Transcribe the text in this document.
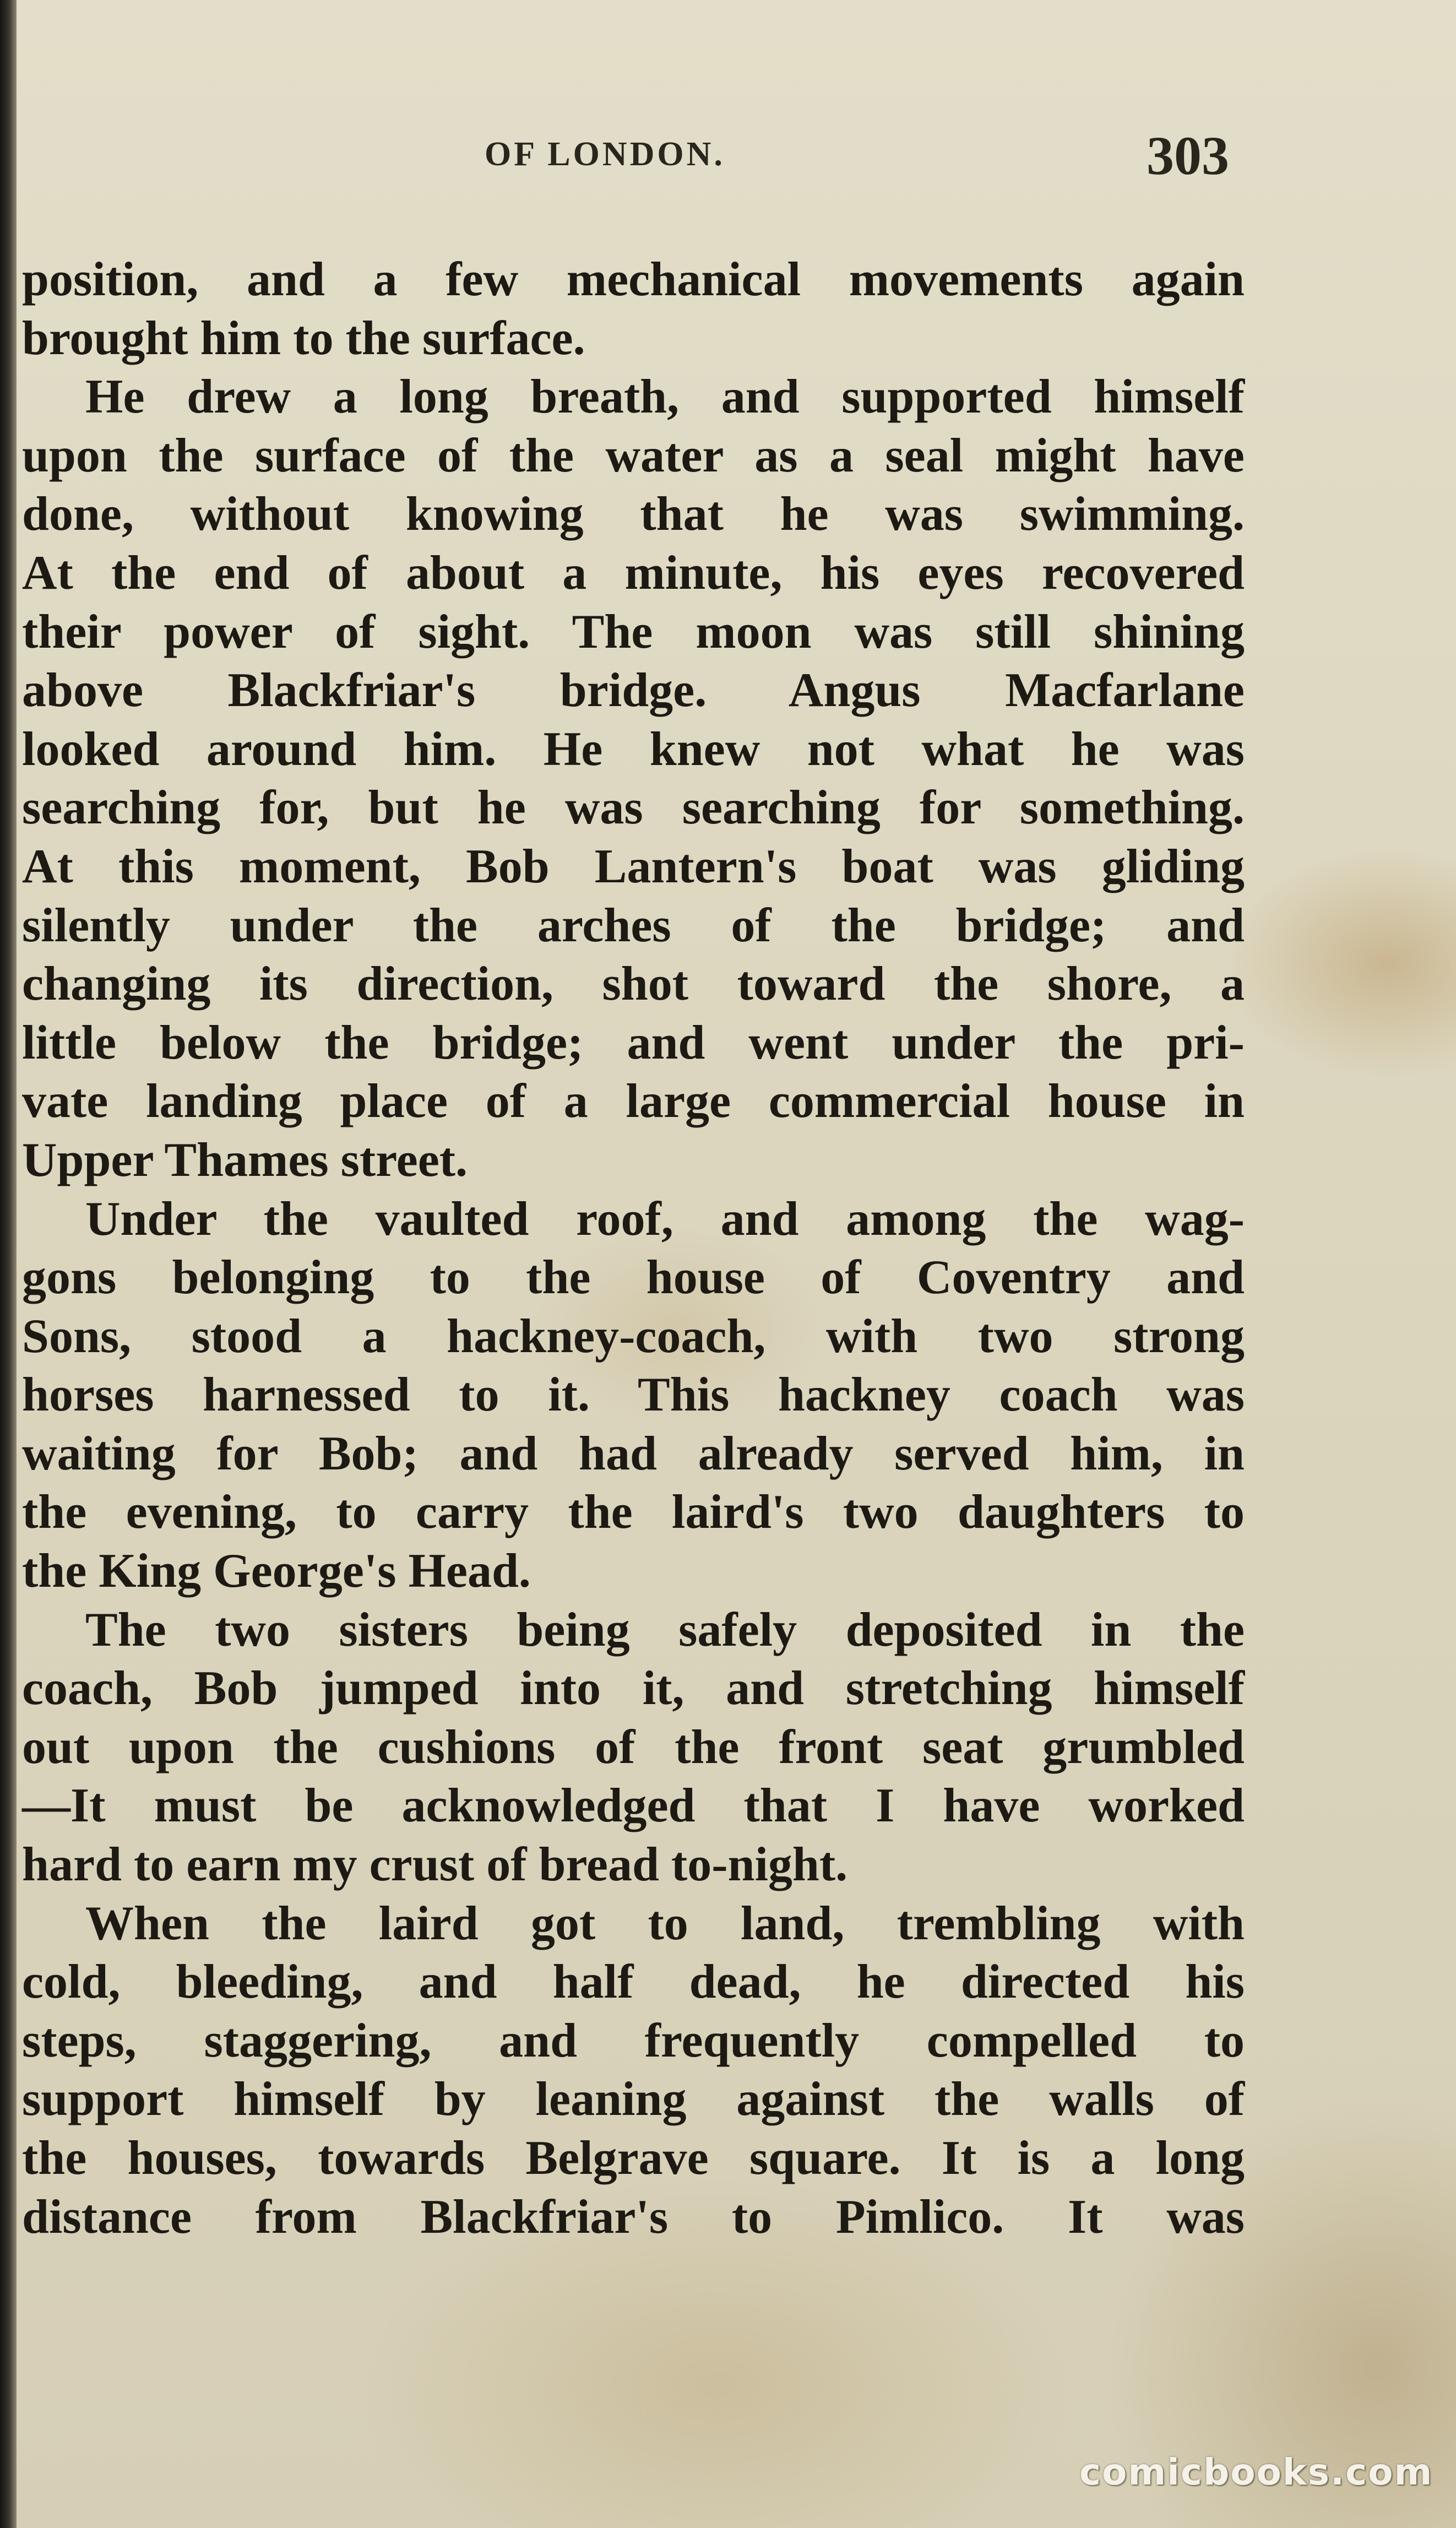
OF LONDON.	303
position, and a few mechanical movements again
brought him to the surface.
He drew a long breath, and supported himself
upon the surface of the water as a seal might have
done, without knowing that he was swimming.
At the end of about a minute, his eyes recovered
their power of sight. The moon was still shining
above Blackfriar's bridge. Angus Macfarlane
looked around him. He knew not what he was
searching for, but he was searching for something.
At this moment, Bob Lantern's boat was gliding
silently under the arches of the bridge; and
changing its direction, shot toward the shore, a
little below the bridge; and went under the pri-
vate landing place of a large commercial house in
Upper Thames street.
Under the vaulted roof, and among the wag-
gons belonging to the house of Coventry and
Sons, stood a hackney-coach, with two strong
horses harnessed to it. This hackney coach was
waiting for Bob; and had already served him, in
the evening, to carry the laird's two daughters to
the King George's Head.
The two sisters being safely deposited in the
coach, Bob jumped into it, and stretching himself
out upon the cushions of the front seat grumbled
—It must be acknowledged that I have worked
hard to earn my crust of bread to-night.
When the laird got to land, trembling with
cold, bleeding, and half dead, he directed his
steps, staggering, and frequently compelled to
support himself by leaning against the walls of
the houses, towards Belgrave square. It is a long
distance from Blackfriar's to Pimlico. It was
comicbooks.com
